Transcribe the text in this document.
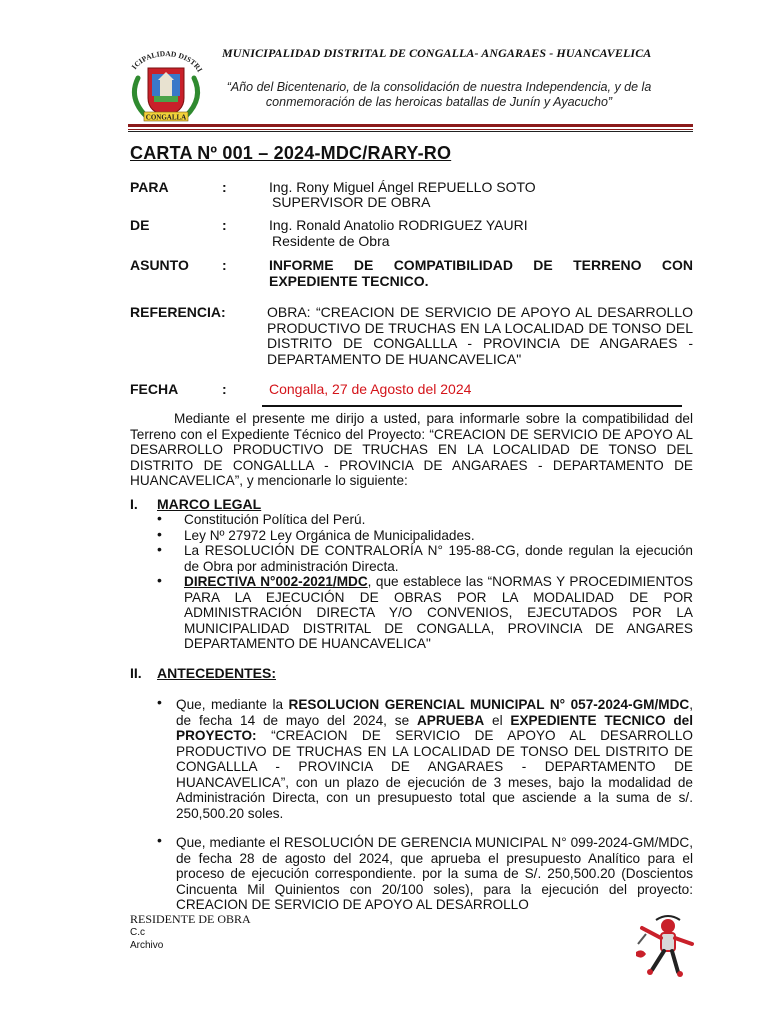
ICIPALIDAD DISTRI
CONGALLA
MUNICIPALIDAD DISTRITAL DE CONGALLA- ANGARAES - HUANCAVELICA
“Año del Bicentenario, de la consolidación de nuestra Independencia, y de la conmemoración de las heroicas batallas de Junín y Ayacucho”
CARTA Nº 001 – 2024-MDC/RARY-RO
PARA	:	Ing. Rony Miguel Ángel REPUELLO SOTO
SUPERVISOR DE OBRA
DE	:	Ing. Ronald Anatolio RODRIGUEZ YAURI
Residente de Obra
ASUNTO :	INFORME DE COMPATIBILIDAD DE TERRENO CON EXPEDIENTE TECNICO.
REFERENCIA:	OBRA: “CREACION DE SERVICIO DE APOYO AL DESARROLLO PRODUCTIVO DE TRUCHAS EN LA LOCALIDAD DE TONSO DEL DISTRITO DE CONGALLLA - PROVINCIA DE ANGARAES - DEPARTAMENTO DE HUANCAVELICA"
FECHA	:	Congalla, 27 de Agosto del 2024
Mediante el presente me dirijo a usted, para informarle sobre la compatibilidad del Terreno con el Expediente Técnico del Proyecto: “CREACION DE SERVICIO DE APOYO AL DESARROLLO PRODUCTIVO DE TRUCHAS EN LA LOCALIDAD DE TONSO DEL DISTRITO DE CONGALLLA - PROVINCIA DE ANGARAES - DEPARTAMENTO DE HUANCAVELICA”, y mencionarle lo siguiente:
I. MARCO LEGAL
• Constitución Política del Perú.
• Ley Nº 27972 Ley Orgánica de Municipalidades.
• La RESOLUCIÓN DE CONTRALORÍA N° 195-88-CG, donde regulan la ejecución de Obra por administración Directa.
• DIRECTIVA N°002-2021/MDC, que establece las “NORMAS Y PROCEDIMIENTOS PARA LA EJECUCIÓN DE OBRAS POR LA MODALIDAD DE POR ADMINISTRACIÓN DIRECTA Y/O CONVENIOS, EJECUTADOS POR LA MUNICIPALIDAD DISTRITAL DE CONGALLA, PROVINCIA DE ANGARES DEPARTAMENTO DE HUANCAVELICA"
II. ANTECEDENTES:
• Que, mediante la RESOLUCION GERENCIAL MUNICIPAL N° 057-2024-GM/MDC, de fecha 14 de mayo del 2024, se APRUEBA el EXPEDIENTE TECNICO del PROYECTO: “CREACION DE SERVICIO DE APOYO AL DESARROLLO PRODUCTIVO DE TRUCHAS EN LA LOCALIDAD DE TONSO DEL DISTRITO DE CONGALLLA - PROVINCIA DE ANGARAES - DEPARTAMENTO DE HUANCAVELICA”, con un plazo de ejecución de 3 meses, bajo la modalidad de Administración Directa, con un presupuesto total que asciende a la suma de s/. 250,500.20 soles.
• Que, mediante el RESOLUCIÓN DE GERENCIA MUNICIPAL N° 099-2024-GM/MDC, de fecha 28 de agosto del 2024, que aprueba el presupuesto Analítico para el proceso de ejecución correspondiente. por la suma de S/. 250,500.20 (Doscientos Cincuenta Mil Quinientos con 20/100 soles), para la ejecución del proyecto: CREACION DE SERVICIO DE APOYO AL DESARROLLO
RESIDENTE DE OBRA
C.c
Archivo
